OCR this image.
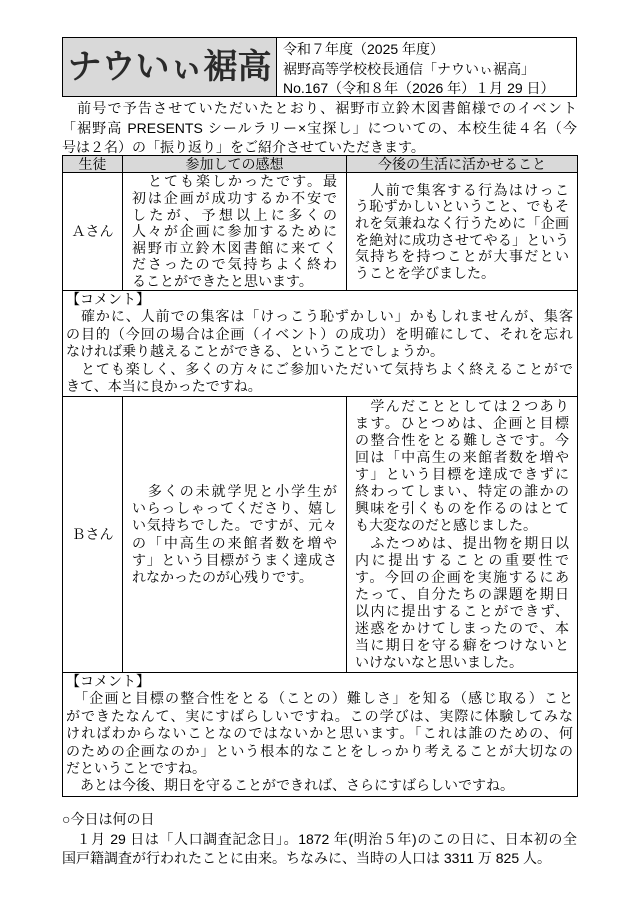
ナウいぃ裾高 令和７年度（2025 年度）
裾野高等学校校長通信「ナウいぃ裾高」
No.167（令和８年（2026 年）１月 29 日）
　前号で予告させていただいたとおり、裾野市立鈴木図書館様でのイベント
「裾野高 PRESENTS シールラリー×宝探し」についての、本校生徒４名（今
号は２名）の「振り返り」をご紹介させていただきます。
生徒	参加しての感想	今後の生活に活かせること
Ａさん
　とても楽しかったです。最
初は企画が成功するか不安で
したが、予想以上に多くの
人々が企画に参加するために
裾野市立鈴木図書館に来てく
ださったので気持ちよく終わ
ることができたと思います。
　人前で集客する行為はけっこ
う恥ずかしいということ、でもそ
れを気兼ねなく行うために「企画
を絶対に成功させてやる」という
気持ちを持つことが大事だとい
うことを学びました。
【コメント】
　確かに、人前での集客は「けっこう恥ずかしい」かもしれませんが、集客
の目的（今回の場合は企画（イベント）の成功）を明確にして、それを忘れ
なければ乗り越えることができる、ということでしょうか。
　とても楽しく、多くの方々にご参加いただいて気持ちよく終えることがで
きて、本当に良かったですね。
Ｂさん
　多くの未就学児と小学生が
いらっしゃってくださり、嬉し
い気持ちでした。ですが、元々
の「中高生の来館者数を増や
す」という目標がうまく達成さ
れなかったのが心残りです。
　学んだこととしては２つあり
ます。ひとつめは、企画と目標
の整合性をとる難しさです。今
回は「中高生の来館者数を増や
す」という目標を達成できずに
終わってしまい、特定の誰かの
興味を引くものを作るのはとて
も大変なのだと感じました。
　ふたつめは、提出物を期日以
内に提出することの重要性で
す。今回の企画を実施するにあ
たって、自分たちの課題を期日
以内に提出することができず、
迷惑をかけてしまったので、本
当に期日を守る癖をつけないと
いけないなと思いました。
【コメント】
　「企画と目標の整合性をとる（ことの）難しさ」を知る（感じ取る）こと
ができたなんて、実にすばらしいですね。この学びは、実際に体験してみな
ければわからないことなのではないかと思います。「これは誰のための、何
のための企画なのか」という根本的なことをしっかり考えることが大切なの
だということですね。
　あとは今後、期日を守ることができれば、さらにすばらしいですね。
○今日は何の日
　１月 29 日は「人口調査記念日」。1872 年(明治５年)のこの日に、日本初の全
国戸籍調査が行われたことに由来。ちなみに、当時の人口は 3311 万 825 人。
